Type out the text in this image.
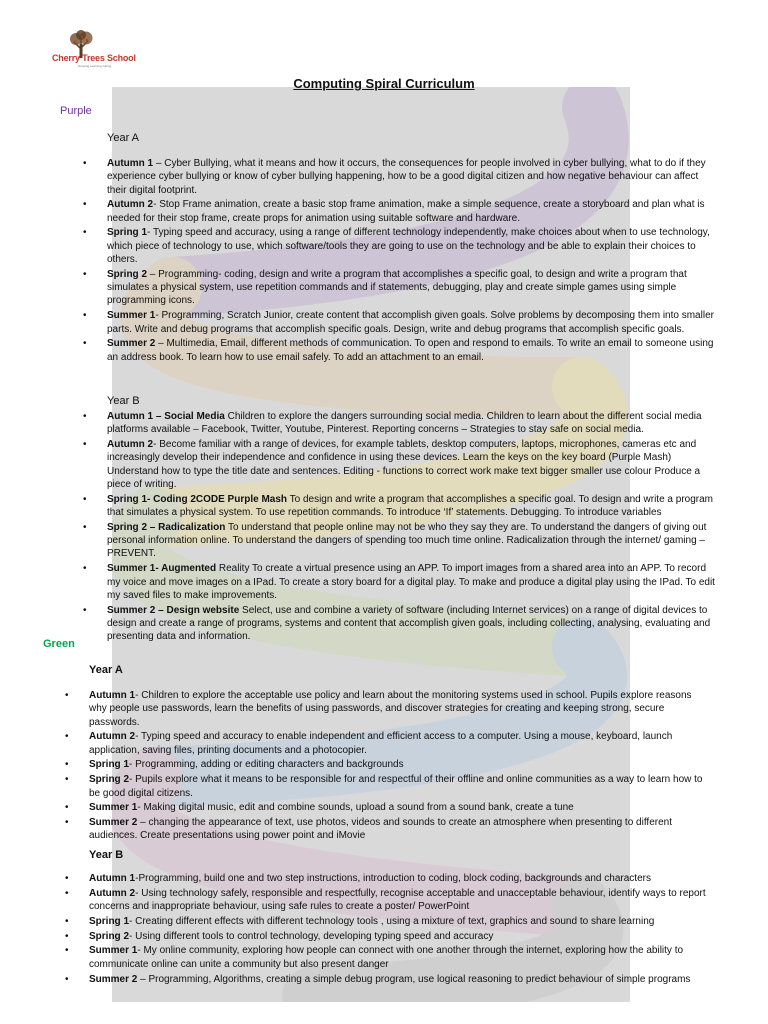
Cherry Trees School
Growing Learning Caring
Computing Spiral Curriculum
Purple
Year A
• Autumn 1 – Cyber Bullying, what it means and how it occurs, the consequences for people involved in cyber bullying, what to do if they experience cyber bullying or know of cyber bullying happening, how to be a good digital citizen and how negative behaviour can affect their digital footprint.
• Autumn 2- Stop Frame animation, create a basic stop frame animation, make a simple sequence, create a storyboard and plan what is needed for their stop frame, create props for animation using suitable software and hardware.
• Spring 1- Typing speed and accuracy, using a range of different technology independently, make choices about when to use technology, which piece of technology to use, which software/tools they are going to use on the technology and be able to explain their choices to others.
• Spring 2 – Programming- coding, design and write a program that accomplishes a specific goal, to design and write a program that simulates a physical system, use repetition commands and if statements, debugging, play and create simple games using simple programming icons.
• Summer 1- Programming, Scratch Junior, create content that accomplish given goals. Solve problems by decomposing them into smaller parts. Write and debug programs that accomplish specific goals. Design, write and debug programs that accomplish specific goals.
• Summer 2 – Multimedia, Email, different methods of communication. To open and respond to emails. To write an email to someone using an address book. To learn how to use email safely. To add an attachment to an email.
Year B
• Autumn 1 – Social Media Children to explore the dangers surrounding social media. Children to learn about the different social media platforms available – Facebook, Twitter, Youtube, Pinterest. Reporting concerns – Strategies to stay safe on social media.
• Autumn 2- Become familiar with a range of devices, for example tablets, desktop computers, laptops, microphones, cameras etc and increasingly develop their independence and confidence in using these devices. Learn the keys on the key board (Purple Mash) Understand how to type the title date and sentences. Editing - functions to correct work make text bigger smaller use colour Produce a piece of writing.
• Spring 1- Coding 2CODE Purple Mash To design and write a program that accomplishes a specific goal. To design and write a program that simulates a physical system. To use repetition commands. To introduce ‘If’ statements. Debugging. To introduce variables
• Spring 2 – Radicalization To understand that people online may not be who they say they are. To understand the dangers of giving out personal information online. To understand the dangers of spending too much time online. Radicalization through the internet/ gaming – PREVENT.
• Summer 1- Augmented Reality To create a virtual presence using an APP. To import images from a shared area into an APP. To record my voice and move images on a IPad. To create a story board for a digital play. To make and produce a digital play using the IPad. To edit my saved files to make improvements.
• Summer 2 – Design website Select, use and combine a variety of software (including Internet services) on a range of digital devices to design and create a range of programs, systems and content that accomplish given goals, including collecting, analysing, evaluating and presenting data and information.
Green
Year A
• Autumn 1- Children to explore the acceptable use policy and learn about the monitoring systems used in school. Pupils explore reasons why people use passwords, learn the benefits of using passwords, and discover strategies for creating and keeping strong, secure passwords.
• Autumn 2- Typing speed and accuracy to enable independent and efficient access to a computer. Using a mouse, keyboard, launch application, saving files, printing documents and a photocopier.
• Spring 1- Programming, adding or editing characters and backgrounds
• Spring 2- Pupils explore what it means to be responsible for and respectful of their offline and online communities as a way to learn how to be good digital citizens.
• Summer 1- Making digital music, edit and combine sounds, upload a sound from a sound bank, create a tune
• Summer 2 – changing the appearance of text, use photos, videos and sounds to create an atmosphere when presenting to different audiences. Create presentations using power point and iMovie
Year B
• Autumn 1-Programming, build one and two step instructions, introduction to coding, block coding, backgrounds and characters
• Autumn 2- Using technology safely, responsible and respectfully, recognise acceptable and unacceptable behaviour, identify ways to report concerns and inappropriate behaviour, using safe rules to create a poster/ PowerPoint
• Spring 1- Creating different effects with different technology tools , using a mixture of text, graphics and sound to share learning
• Spring 2- Using different tools to control technology, developing typing speed and accuracy
• Summer 1- My online community, exploring how people can connect with one another through the internet, exploring how the ability to communicate online can unite a community but also present danger
• Summer 2 – Programming, Algorithms, creating a simple debug program, use logical reasoning to predict behaviour of simple programs
